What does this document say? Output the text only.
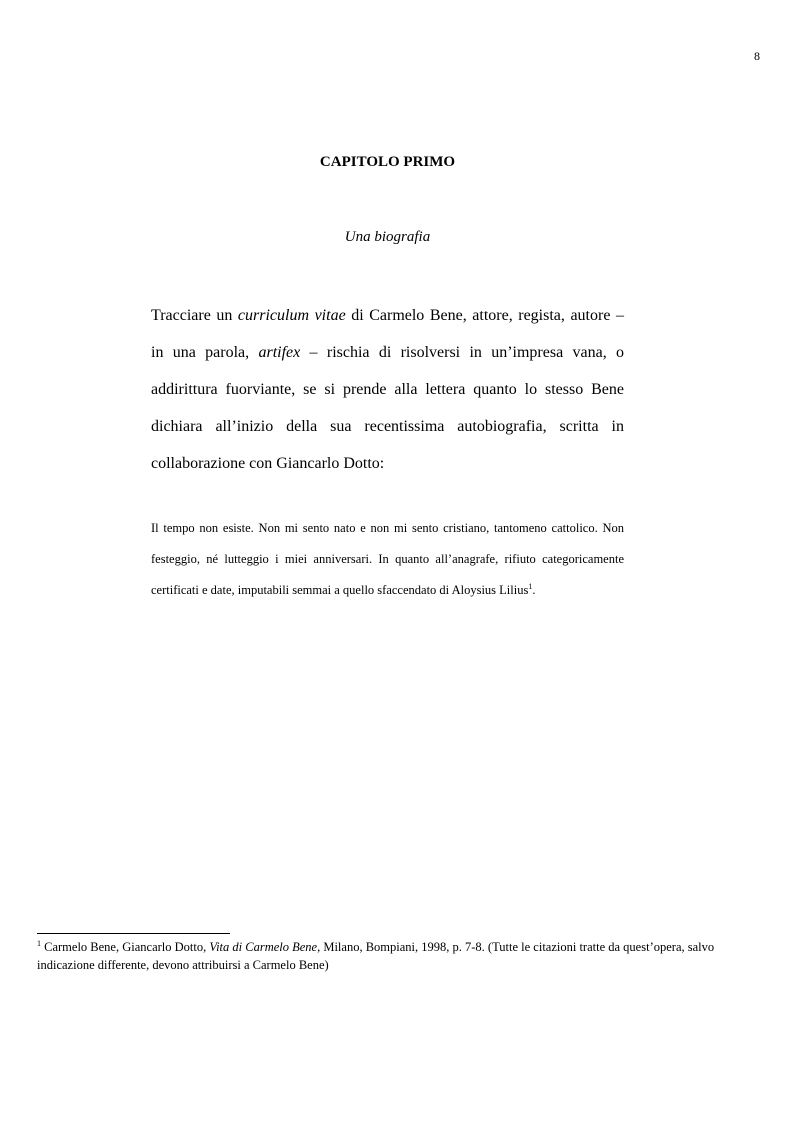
8
CAPITOLO PRIMO
Una biografia

Tracciare un curriculum vitae di Carmelo Bene, attore, regista, autore – in una parola, artifex – rischia di risolversi in un’impresa vana, o addirittura fuorviante, se si prende alla lettera quanto lo stesso Bene dichiara all’inizio della sua recentissima autobiografia, scritta in collaborazione con Giancarlo Dotto:

Il tempo non esiste. Non mi sento nato e non mi sento cristiano, tantomeno cattolico. Non festeggio, né lutteggio i miei anniversari. In quanto all’anagrafe, rifiuto categoricamente certificati e date, imputabili semmai a quello sfaccendato di Aloysius Lilius$^1$.

$^1$ Carmelo Bene, Giancarlo Dotto, Vita di Carmelo Bene, Milano, Bompiani, 1998, p. 7-8. (Tutte le citazioni tratte da quest’opera, salvo indicazione differente, devono attribuirsi a Carmelo Bene)
